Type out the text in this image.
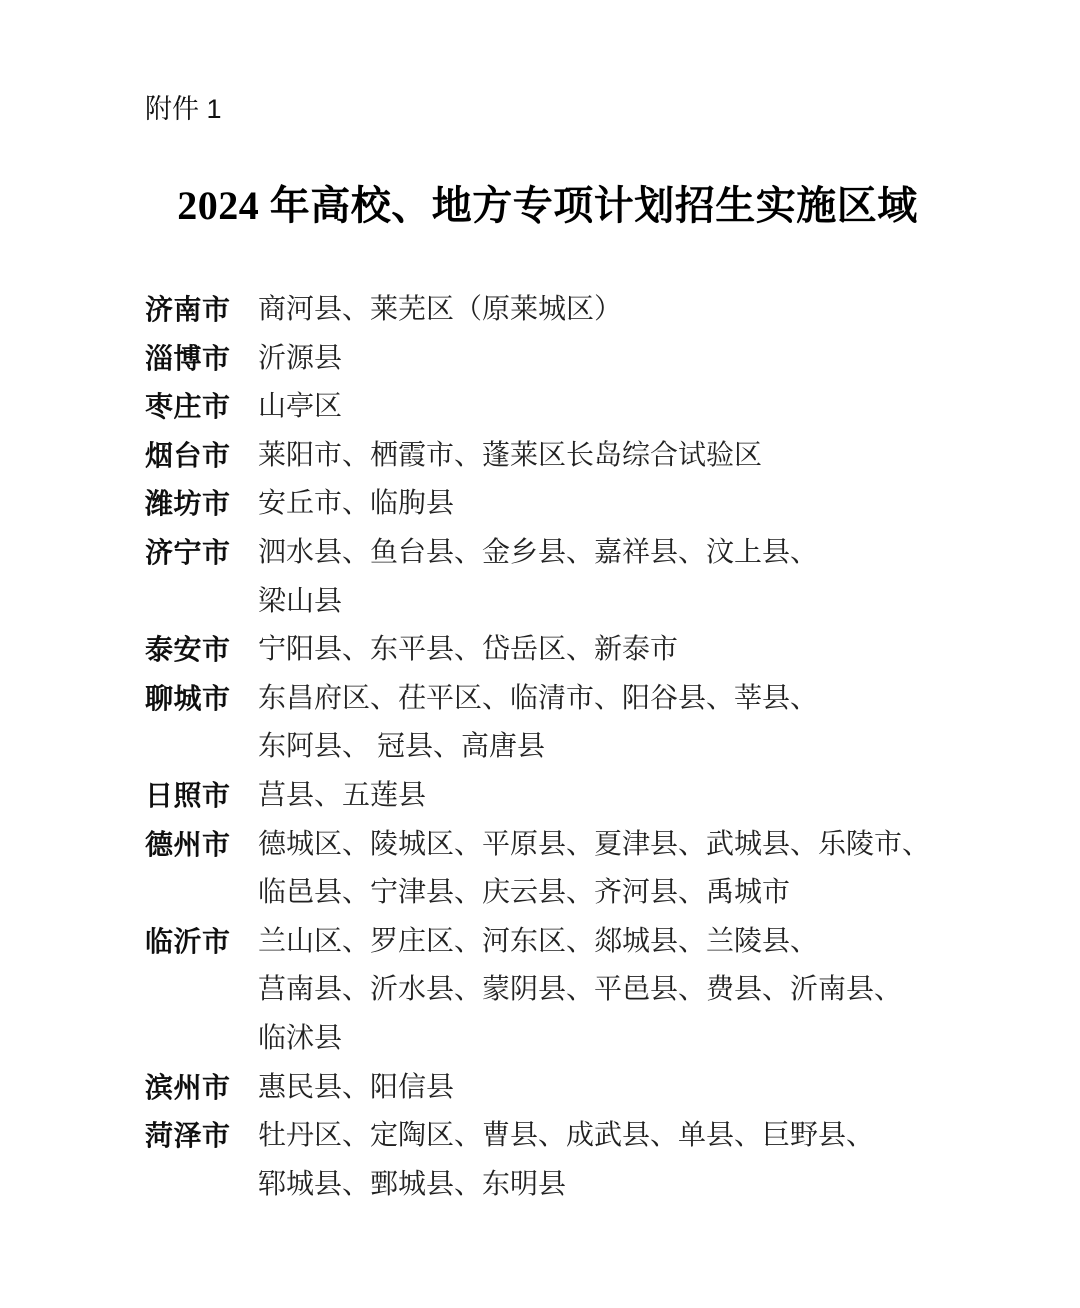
附件 1
2024 年高校、地方专项计划招生实施区域
济南市 商河县、莱芜区（原莱城区）
淄博市 沂源县
枣庄市 山亭区
烟台市 莱阳市、栖霞市、蓬莱区长岛综合试验区
潍坊市 安丘市、临朐县
济宁市 泗水县、鱼台县、金乡县、嘉祥县、汶上县、
梁山县
泰安市 宁阳县、东平县、岱岳区、新泰市
聊城市 东昌府区、茌平区、临清市、阳谷县、莘县、
东阿县、 冠县、高唐县
日照市 莒县、五莲县
德州市 德城区、陵城区、平原县、夏津县、武城县、乐陵市、
临邑县、宁津县、庆云县、齐河县、禹城市
临沂市 兰山区、罗庄区、河东区、郯城县、兰陵县、
莒南县、沂水县、蒙阴县、平邑县、费县、沂南县、
临沭县
滨州市 惠民县、阳信县
菏泽市 牡丹区、定陶区、曹县、成武县、单县、巨野县、
郓城县、鄄城县、东明县
